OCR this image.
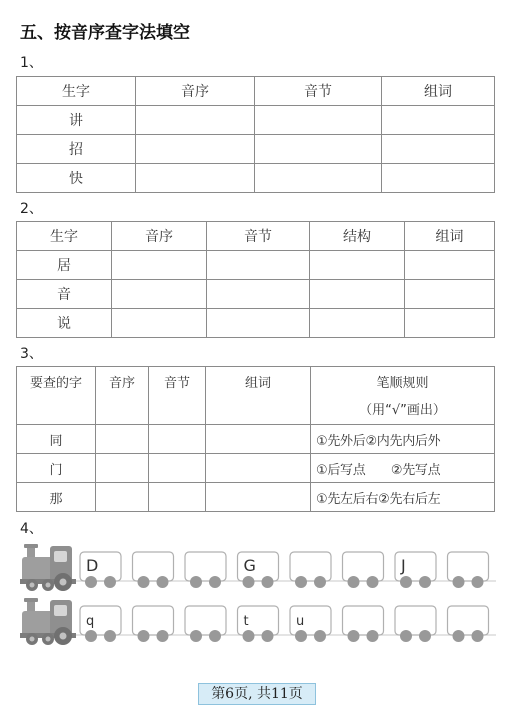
五、按音序查字法填空
1、
生字	音序	音节	组词
讲			
招			
快			
2、
生字	音序	音节	结构	组词
居				
音				
说				
3、
要查的字	音序	音节	组词	笔顺规则
（用“√”画出）

同				①先外后②内先内后外
门				①后写点　　②先写点
那				①先左后右②先右后左
4、
D	G	J
q	t	u
第6页, 共11页
